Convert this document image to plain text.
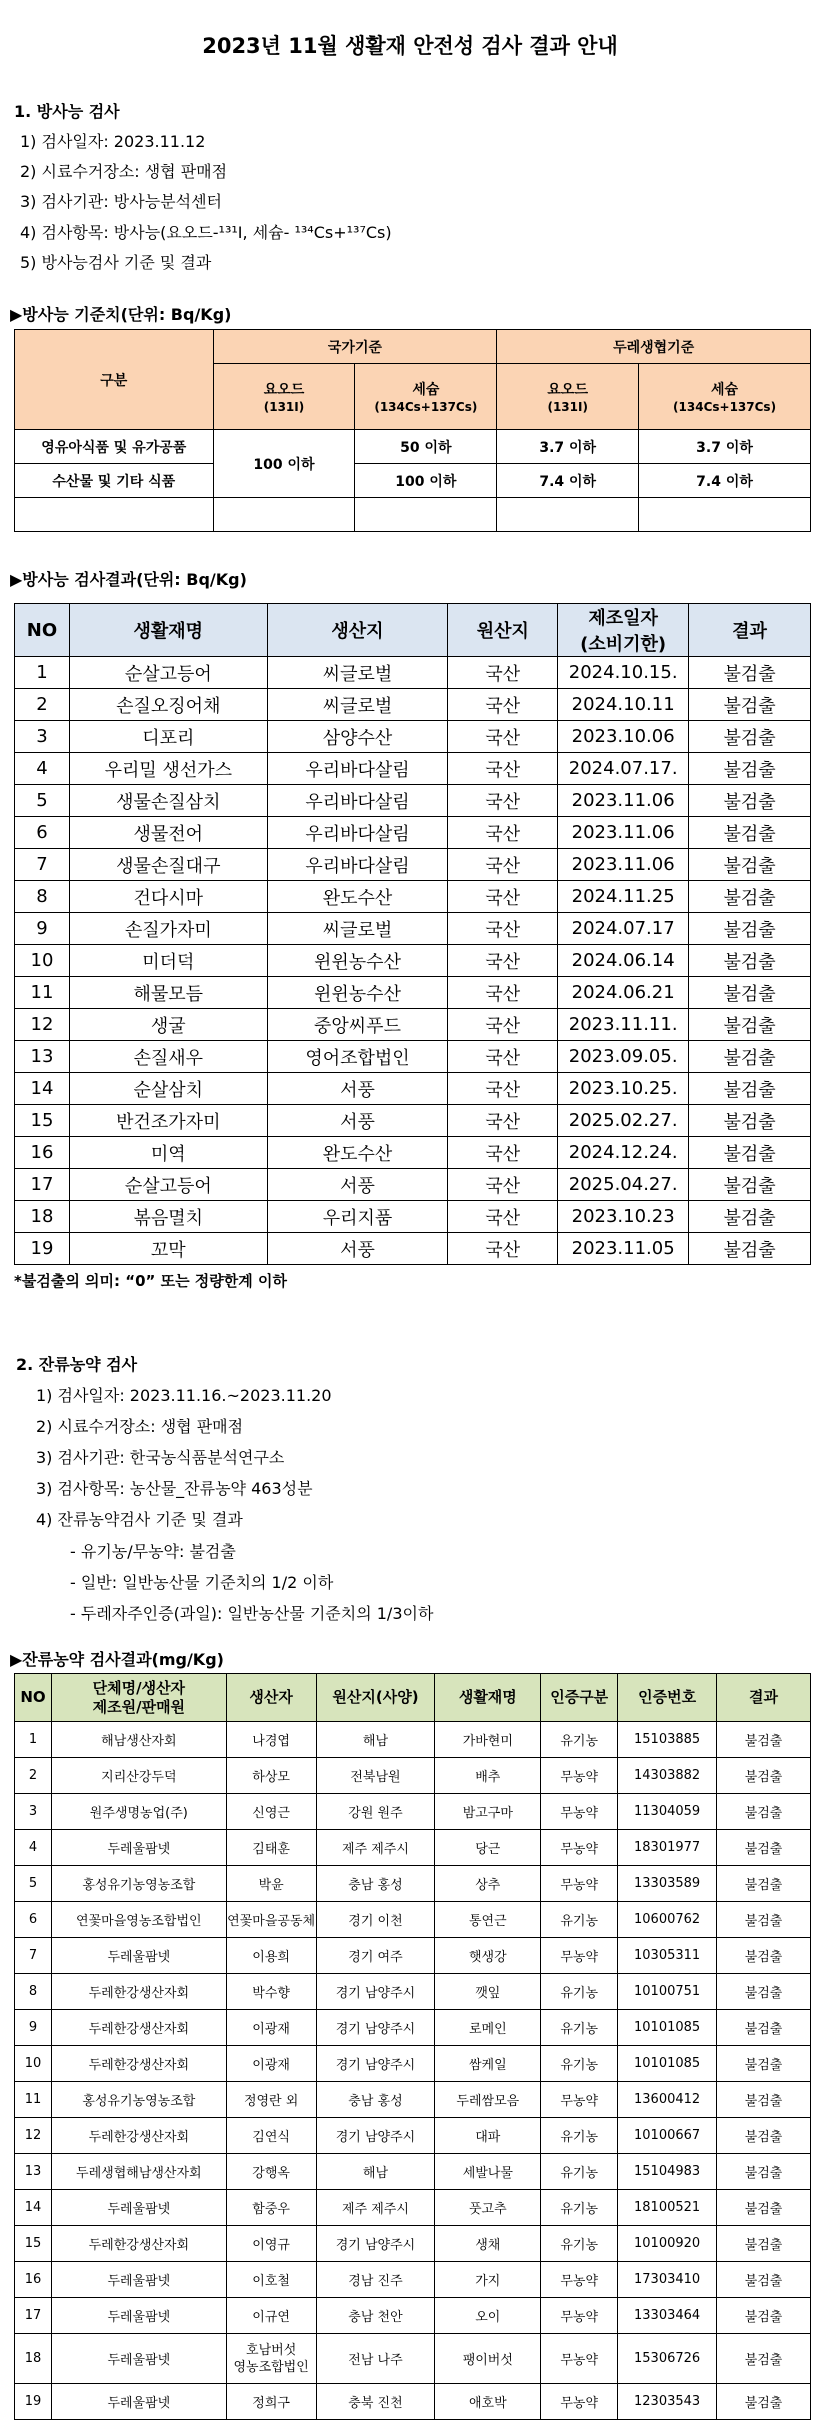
2023년 11월 생활재 안전성 검사 결과 안내
1. 방사능 검사
1) 검사일자: 2023.11.12
2) 시료수거장소: 생협 판매점
3) 검사기관: 방사능분석센터
4) 검사항목: 방사능(요오드-¹³¹I, 세슘- ¹³⁴Cs+¹³⁷Cs)
5) 방사능검사 기준 및 결과
▶방사능 기준치(단위: Bq/Kg)
구분	국가기준		두레생협기준	
	요오드
(131I)	세슘
(134Cs+137Cs)	요오드
(131I)	세슘
(134Cs+137Cs)
영유아식품 및 유가공품	100 이하	50 이하	3.7 이하	3.7 이하
수산물 및 기타 식품		100 이하	7.4 이하	7.4 이하

▶방사능 검사결과(단위: Bq/Kg)
NO	생활재명	생산지	원산지	제조일자
(소비기한)	결과
1	순살고등어	씨글로벌	국산	2024.10.15.	불검출
2	손질오징어채	씨글로벌	국산	2024.10.11	불검출
3	디포리	삼양수산	국산	2023.10.06	불검출
4	우리밀 생선가스	우리바다살림	국산	2024.07.17.	불검출
5	생물손질삼치	우리바다살림	국산	2023.11.06	불검출
6	생물전어	우리바다살림	국산	2023.11.06	불검출
7	생물손질대구	우리바다살림	국산	2023.11.06	불검출
8	건다시마	완도수산	국산	2024.11.25	불검출
9	손질가자미	씨글로벌	국산	2024.07.17	불검출
10	미더덕	윈윈농수산	국산	2024.06.14	불검출
11	해물모듬	윈윈농수산	국산	2024.06.21	불검출
12	생굴	중앙씨푸드	국산	2023.11.11.	불검출
13	손질새우	영어조합법인	국산	2023.09.05.	불검출
14	순살삼치	서풍	국산	2023.10.25.	불검출
15	반건조가자미	서풍	국산	2025.02.27.	불검출
16	미역	완도수산	국산	2024.12.24.	불검출
17	순살고등어	서풍	국산	2025.04.27.	불검출
18	볶음멸치	우리지품	국산	2023.10.23	불검출
19	꼬막	서풍	국산	2023.11.05	불검출
*불검출의 의미: “0” 또는 정량한계 이하
2. 잔류농약 검사
1) 검사일자: 2023.11.16.~2023.11.20
2) 시료수거장소: 생협 판매점
3) 검사기관: 한국농식품분석연구소
3) 검사항목: 농산물_잔류농약 463성분
4) 잔류농약검사 기준 및 결과
- 유기농/무농약: 불검출
- 일반: 일반농산물 기준치의 1/2 이하
- 두레자주인증(과일): 일반농산물 기준치의 1/3이하
▶잔류농약 검사결과(mg/Kg)
NO	단체명/생산자
제조원/판매원	생산자	원산지(사양)	생활재명	인증구분	인증번호	결과
1	해남생산자회	나경엽	해남	가바현미	유기농	15103885	불검출
2	지리산강두덕	하상모	전북남원	배추	무농약	14303882	불검출
3	원주생명농업(주)	신영근	강원 원주	밤고구마	무농약	11304059	불검출
4	두레울팜넷	김태훈	제주 제주시	당근	무농약	18301977	불검출
5	홍성유기농영농조합	박윤	충남 홍성	상추	무농약	13303589	불검출
6	연꽃마을영농조합법인	연꽃마을공동체	경기 이천	통연근	유기농	10600762	불검출
7	두레울팜넷	이용희	경기 여주	햇생강	무농약	10305311	불검출
8	두레한강생산자회	박수향	경기 남양주시	깻잎	유기농	10100751	불검출
9	두레한강생산자회	이광재	경기 남양주시	로메인	유기농	10101085	불검출
10	두레한강생산자회	이광재	경기 남양주시	쌈케일	유기농	10101085	불검출
11	홍성유기농영농조합	정영란 외	충남 홍성	두레쌈모음	무농약	13600412	불검출
12	두레한강생산자회	김연식	경기 남양주시	대파	유기농	10100667	불검출
13	두레생협해남생산자회	강행옥	해남	세발나물	유기농	15104983	불검출
14	두레울팜넷	함중우	제주 제주시	풋고추	유기농	18100521	불검출
15	두레한강생산자회	이영규	경기 남양주시	생채	유기농	10100920	불검출
16	두레울팜넷	이호철	경남 진주	가지	무농약	17303410	불검출
17	두레울팜넷	이규연	충남 천안	오이	무농약	13303464	불검출
18	두레울팜넷	호남버섯
영농조합법인	전남 나주	팽이버섯	무농약	15306726	불검출
19	두레울팜넷	정희구	충북 진천	애호박	무농약	12303543	불검출
